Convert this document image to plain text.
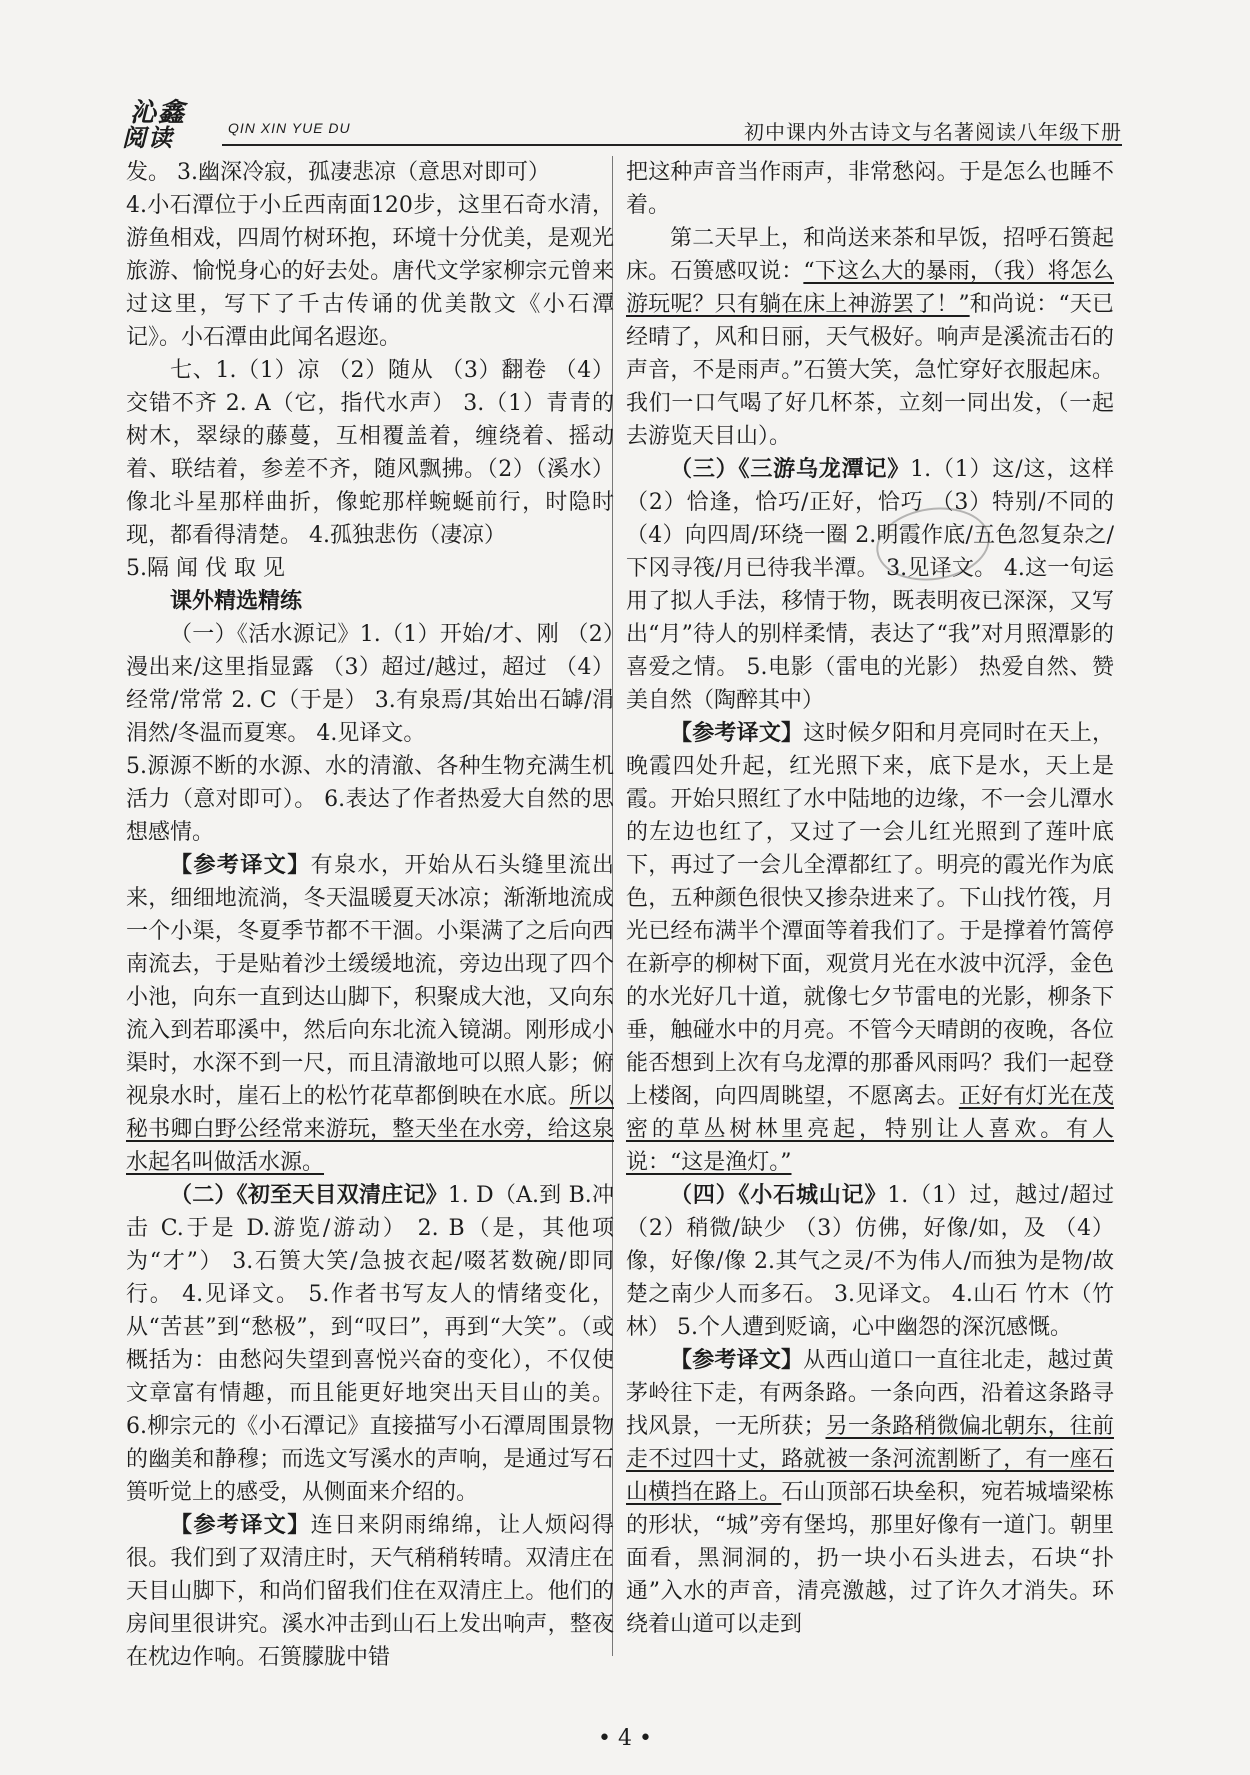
沁鑫
阅读	QIN XIN YUE DU	初中课内外古诗文与名著阅读八年级下册

发。 3.幽深冷寂，孤凄悲凉（意思对即可）

4.小石潭位于小丘西南面120步，这里石奇水清，游鱼相戏，四周竹树环抱，环境十分优美，是观光旅游、愉悦身心的好去处。唐代文学家柳宗元曾来过这里，写下了千古传诵的优美散文《小石潭记》。小石潭由此闻名遐迩。

七、1.（1）凉 （2）随从 （3）翻卷 （4）交错不齐 2. A（它，指代水声） 3.（1）青青的树木，翠绿的藤蔓，互相覆盖着，缠绕着、摇动着、联结着，参差不齐，随风飘拂。（2）（溪水）像北斗星那样曲折，像蛇那样蜿蜒前行，时隐时现，都看得清楚。 4.孤独悲伤（凄凉）

5.隔 闻 伐 取 见

课外精选精练

（一）《活水源记》1.（1）开始/才、刚 （2）漫出来/这里指显露 （3）超过/越过，超过 （4）经常/常常 2. C（于是） 3.有泉焉/其始出石罅/涓涓然/冬温而夏寒。 4.见译文。

5.源源不断的水源、水的清澈、各种生物充满生机活力（意对即可）。 6.表达了作者热爱大自然的思想感情。

【参考译文】有泉水，开始从石头缝里流出来，细细地流淌，冬天温暖夏天冰凉；渐渐地流成一个小渠，冬夏季节都不干涸。小渠满了之后向西南流去，于是贴着沙土缓缓地流，旁边出现了四个小池，向东一直到达山脚下，积聚成大池，又向东流入到若耶溪中，然后向东北流入镜湖。刚形成小渠时，水深不到一尺，而且清澈地可以照人影；俯视泉水时，崖石上的松竹花草都倒映在水底。所以秘书卿白野公经常来游玩，整天坐在水旁，给这泉水起名叫做活水源。

（二）《初至天目双清庄记》1. D（A.到 B.冲击 C.于是 D.游览/游动） 2. B（是，其他项为“才”） 3.石篑大笑/急披衣起/啜茗数碗/即同行。 4.见译文。 5.作者书写友人的情绪变化，从“苦甚”到“愁极”，到“叹曰”，再到“大笑”。（或概括为：由愁闷失望到喜悦兴奋的变化），不仅使文章富有情趣，而且能更好地突出天目山的美。 6.柳宗元的《小石潭记》直接描写小石潭周围景物的幽美和静穆；而选文写溪水的声响，是通过写石篑听觉上的感受，从侧面来介绍的。

【参考译文】连日来阴雨绵绵，让人烦闷得很。我们到了双清庄时，天气稍稍转晴。双清庄在天目山脚下，和尚们留我们住在双清庄上。他们的房间里很讲究。溪水冲击到山石上发出响声，整夜在枕边作响。石篑朦胧中错

把这种声音当作雨声，非常愁闷。于是怎么也睡不着。

第二天早上，和尚送来茶和早饭，招呼石篑起床。石篑感叹说：“下这么大的暴雨，（我）将怎么游玩呢？只有躺在床上神游罢了！”和尚说：“天已经晴了，风和日丽，天气极好。响声是溪流击石的声音，不是雨声。”石篑大笑，急忙穿好衣服起床。我们一口气喝了好几杯茶，立刻一同出发，（一起去游览天目山）。

（三）《三游乌龙潭记》1.（1）这/这，这样 （2）恰逢，恰巧/正好，恰巧 （3）特别/不同的 （4）向四周/环绕一圈 2.明霞作底/五色忽复杂之/下冈寻筏/月已待我半潭。 3.见译文。 4.这一句运用了拟人手法，移情于物，既表明夜已深深，又写出“月”待人的别样柔情，表达了“我”对月照潭影的喜爱之情。 5.电影（雷电的光影） 热爱自然、赞美自然（陶醉其中）

【参考译文】这时候夕阳和月亮同时在天上，晚霞四处升起，红光照下来，底下是水，天上是霞。开始只照红了水中陆地的边缘，不一会儿潭水的左边也红了，又过了一会儿红光照到了莲叶底下，再过了一会儿全潭都红了。明亮的霞光作为底色，五种颜色很快又掺杂进来了。下山找竹筏，月光已经布满半个潭面等着我们了。于是撑着竹篙停在新亭的柳树下面，观赏月光在水波中沉浮，金色的水光好几十道，就像七夕节雷电的光影，柳条下垂，触碰水中的月亮。不管今天晴朗的夜晚，各位能否想到上次有乌龙潭的那番风雨吗？我们一起登上楼阁，向四周眺望，不愿离去。正好有灯光在茂密的草丛树林里亮起，特别让人喜欢。有人说：“这是渔灯。”

（四）《小石城山记》1.（1）过，越过/超过 （2）稍微/缺少 （3）仿佛，好像/如，及 （4）像，好像/像 2.其气之灵/不为伟人/而独为是物/故楚之南少人而多石。 3.见译文。 4.山石 竹木（竹林） 5.个人遭到贬谪，心中幽怨的深沉感慨。

【参考译文】从西山道口一直往北走，越过黄茅岭往下走，有两条路。一条向西，沿着这条路寻找风景，一无所获；另一条路稍微偏北朝东，往前走不过四十丈，路就被一条河流割断了，有一座石山横挡在路上。石山顶部石块垒积，宛若城墙梁栋的形状，“城”旁有堡坞，那里好像有一道门。朝里面看，黑洞洞的，扔一块小石头进去，石块“扑通”入水的声音，清亮激越，过了许久才消失。环绕着山道可以走到

• 4 •
